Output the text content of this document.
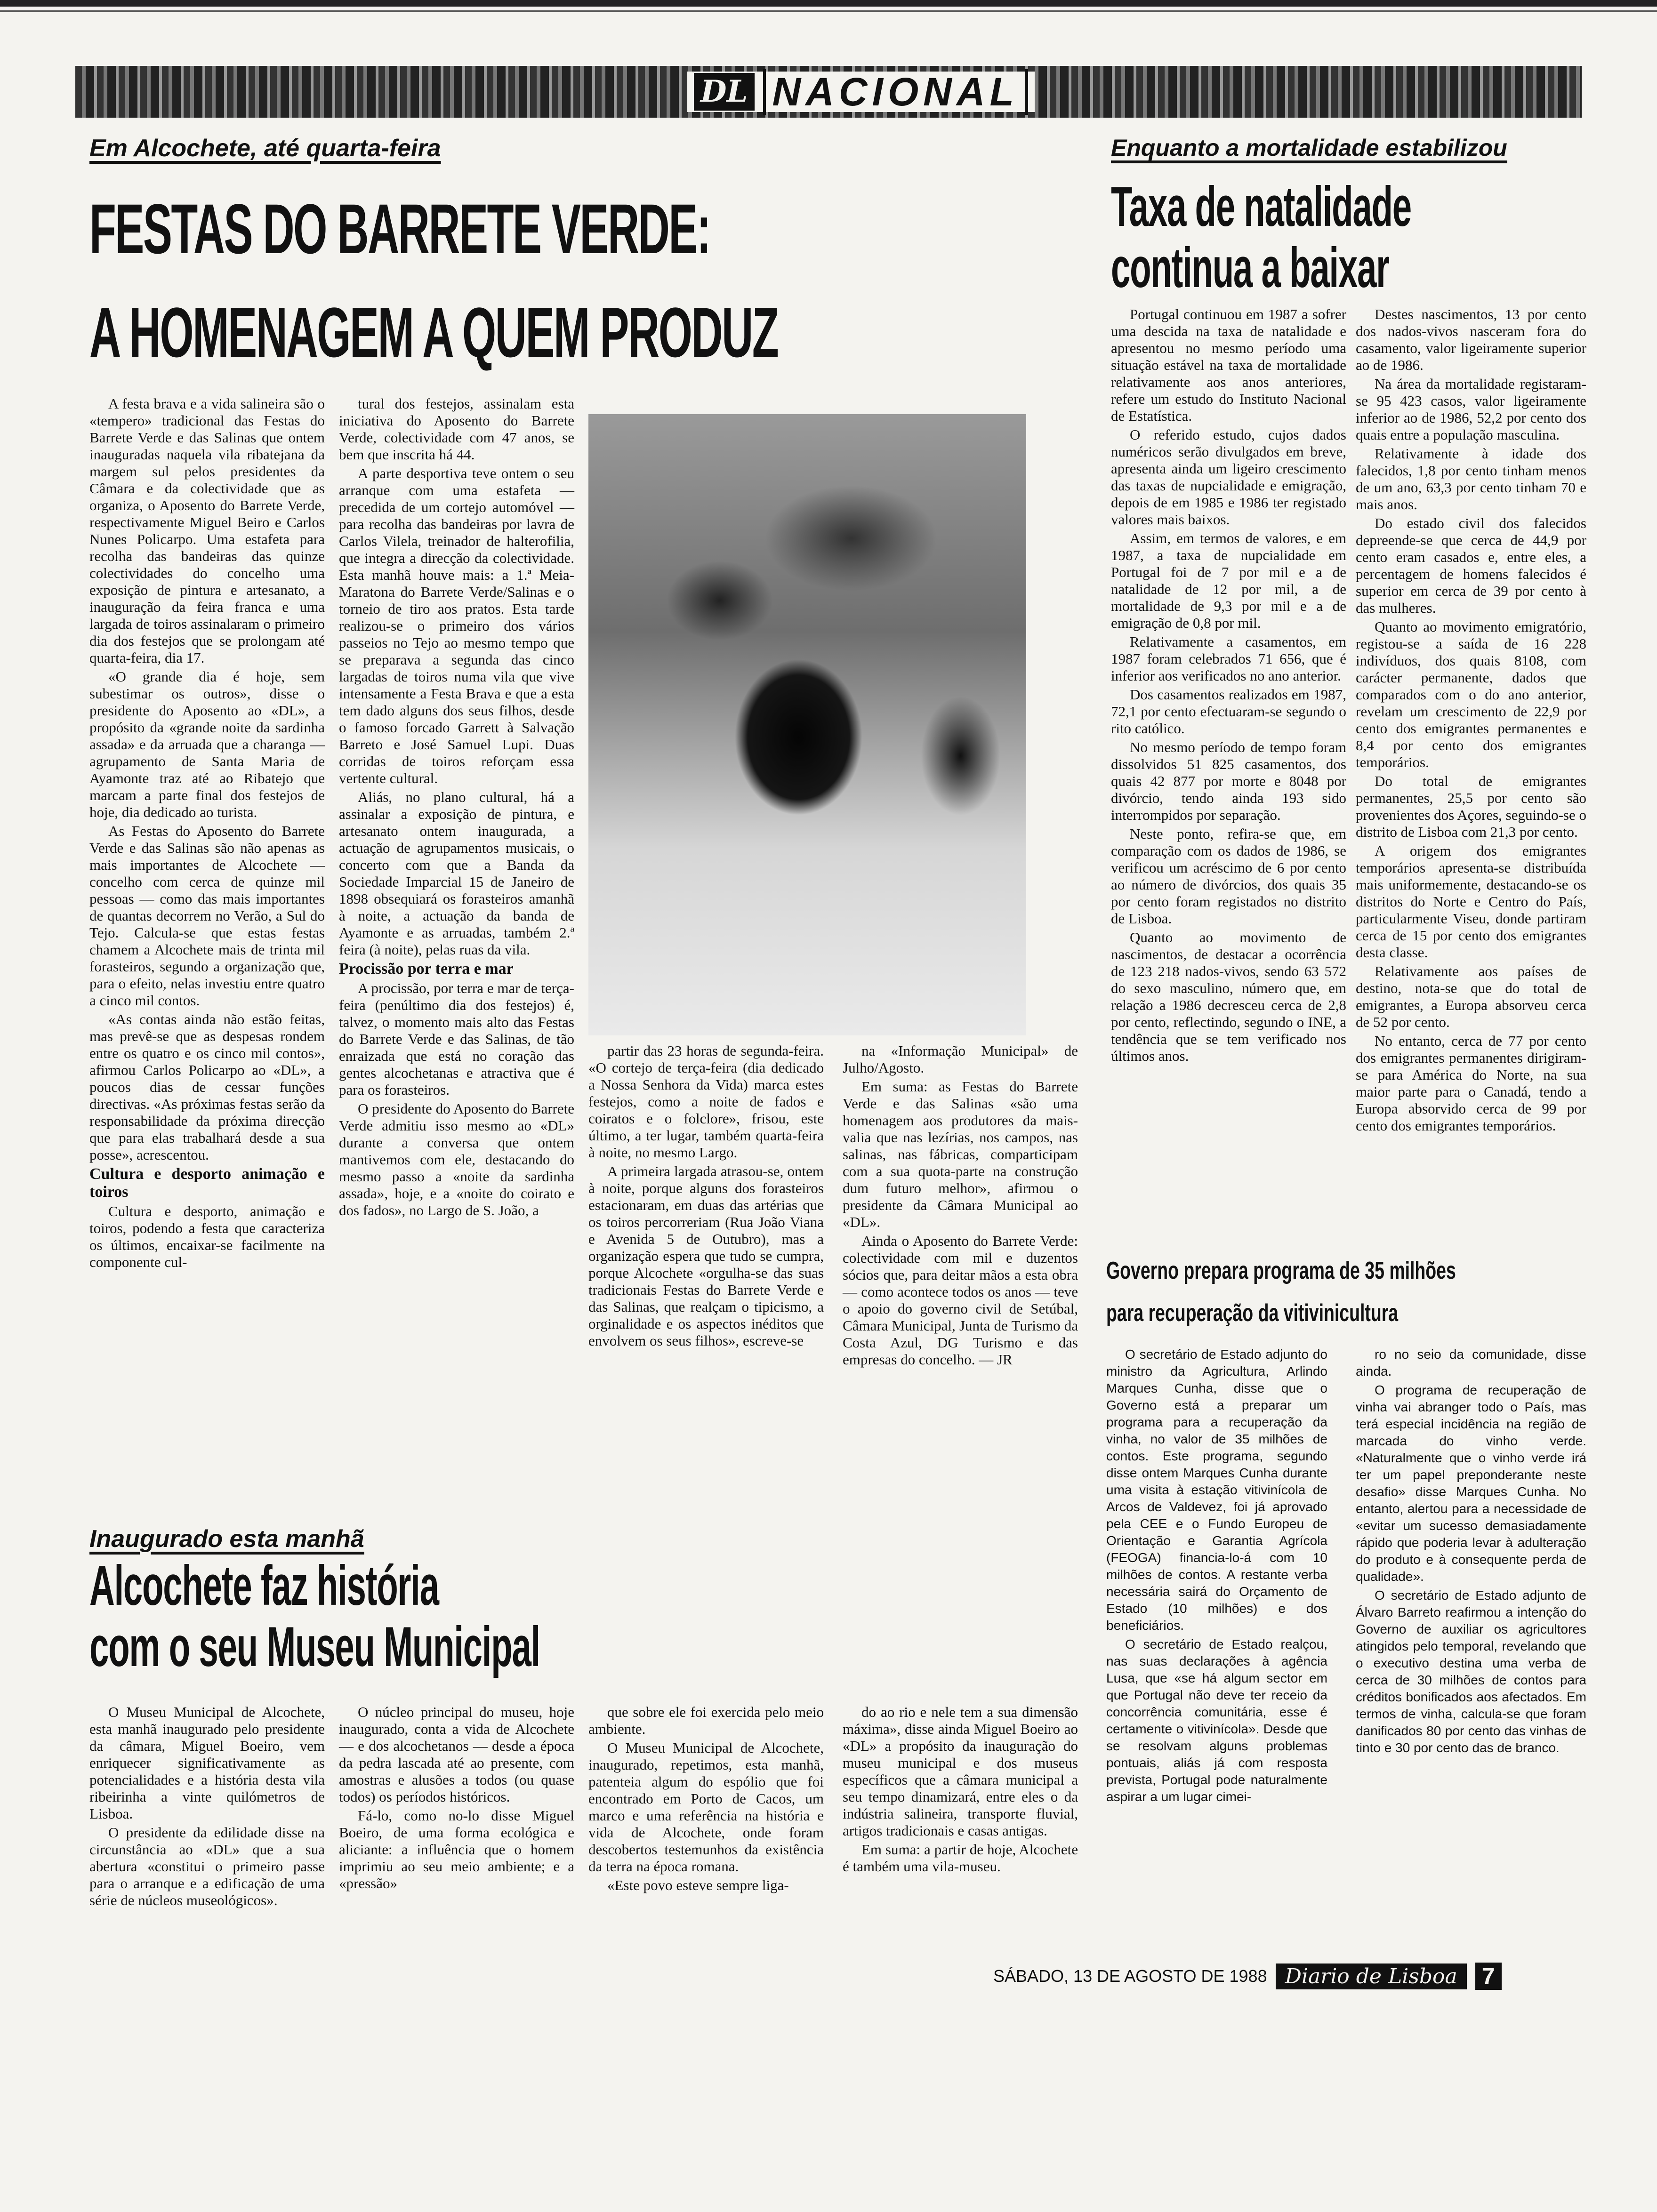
DL NACIONAL
Em Alcochete, até quarta-feira
FESTAS DO BARRETE VERDE:
A HOMENAGEM A QUEM PRODUZ

A festa brava e a vida salineira são o «tempero» tradicional das Festas do Barrete Verde e das Salinas que ontem inauguradas naquela vila ribatejana da margem sul pelos presidentes da Câmara e da colectividade que as organiza, o Aposento do Barrete Verde, respectivamente Miguel Beiro e Carlos Nunes Policarpo. Uma estafeta para recolha das bandeiras das quinze colectividades do concelho uma exposição de pintura e artesanato, a inauguração da feira franca e uma largada de toiros assinalaram o primeiro dia dos festejos que se prolongam até quarta-feira, dia 17.

«O grande dia é hoje, sem subestimar os outros», disse o presidente do Aposento ao «DL», a propósito da «grande noite da sardinha assada» e da arruada que a charanga — agrupamento de Santa Maria de Ayamonte traz até ao Ribatejo que marcam a parte final dos festejos de hoje, dia dedicado ao turista.

As Festas do Aposento do Barrete Verde e das Salinas são não apenas as mais importantes de Alcochete — concelho com cerca de quinze mil pessoas — como das mais importantes de quantas decorrem no Verão, a Sul do Tejo. Calcula-se que estas festas chamem a Alcochete mais de trinta mil forasteiros, segundo a organização que, para o efeito, nelas investiu entre quatro a cinco mil contos.

«As contas ainda não estão feitas, mas prevê-se que as despesas rondem entre os quatro e os cinco mil contos», afirmou Carlos Policarpo ao «DL», a poucos dias de cessar funções directivas. «As próximas festas serão da responsabilidade da próxima direcção que para elas trabalhará desde a sua posse», acrescentou.

Cultura e desporto animação e toiros

Cultura e desporto, animação e toiros, podendo a festa que caracteriza os últimos, encaixar-se facilmente na componente cul-

tural dos festejos, assinalam esta iniciativa do Aposento do Barrete Verde, colectividade com 47 anos, se bem que inscrita há 44.

A parte desportiva teve ontem o seu arranque com uma estafeta — precedida de um cortejo automóvel — para recolha das bandeiras por lavra de Carlos Vilela, treinador de halterofilia, que integra a direcção da colectividade. Esta manhã houve mais: a 1.ª Meia-Maratona do Barrete Verde/Salinas e o torneio de tiro aos pratos. Esta tarde realizou-se o primeiro dos vários passeios no Tejo ao mesmo tempo que se preparava a segunda das cinco largadas de toiros numa vila que vive intensamente a Festa Brava e que a esta tem dado alguns dos seus filhos, desde o famoso forcado Garrett à Salvação Barreto e José Samuel Lupi. Duas corridas de toiros reforçam essa vertente cultural.

Aliás, no plano cultural, há a assinalar a exposição de pintura, e artesanato ontem inaugurada, a actuação de agrupamentos musicais, o concerto com que a Banda da Sociedade Imparcial 15 de Janeiro de 1898 obsequiará os forasteiros amanhã à noite, a actuação da banda de Ayamonte e as arruadas, também 2.ª feira (à noite), pelas ruas da vila.

Procissão por terra e mar

A procissão, por terra e mar de terça-feira (penúltimo dia dos festejos) é, talvez, o momento mais alto das Festas do Barrete Verde e das Salinas, de tão enraizada que está no coração das gentes alcochetanas e atractiva que é para os forasteiros.

O presidente do Aposento do Barrete Verde admitiu isso mesmo ao «DL» durante a conversa que ontem mantivemos com ele, destacando do mesmo passo a «noite da sardinha assada», hoje, e a «noite do coirato e dos fados», no Largo de S. João, a

partir das 23 horas de segunda-feira. «O cortejo de terça-feira (dia dedicado a Nossa Senhora da Vida) marca estes festejos, como a noite de fados e coiratos e o folclore», frisou, este último, a ter lugar, também quarta-feira à noite, no mesmo Largo.

A primeira largada atrasou-se, ontem à noite, porque alguns dos forasteiros estacionaram, em duas das artérias que os toiros percorreriam (Rua João Viana e Avenida 5 de Outubro), mas a organização espera que tudo se cumpra, porque Alcochete «orgulha-se das suas tradicionais Festas do Barrete Verde e das Salinas, que realçam o tipicismo, a orginalidade e os aspectos inéditos que envolvem os seus filhos», escreve-se

na «Informação Municipal» de Julho/Agosto.

Em suma: as Festas do Barrete Verde e das Salinas «são uma homenagem aos produtores da mais-valia que nas lezírias, nos campos, nas salinas, nas fábricas, comparticipam com a sua quota-parte na construção dum futuro melhor», afirmou o presidente da Câmara Municipal ao «DL».

Ainda o Aposento do Barrete Verde: colectividade com mil e duzentos sócios que, para deitar mãos a esta obra — como acontece todos os anos — teve o apoio do governo civil de Setúbal, Câmara Municipal, Junta de Turismo da Costa Azul, DG Turismo e das empresas do concelho. — JR

Enquanto a mortalidade estabilizou
Taxa de natalidade
continua a baixar

Portugal continuou em 1987 a sofrer uma descida na taxa de natalidade e apresentou no mesmo período uma situação estável na taxa de mortalidade relativamente aos anos anteriores, refere um estudo do Instituto Nacional de Estatística.

O referido estudo, cujos dados numéricos serão divulgados em breve, apresenta ainda um ligeiro crescimento das taxas de nupcialidade e emigração, depois de em 1985 e 1986 ter registado valores mais baixos.

Assim, em termos de valores, e em 1987, a taxa de nupcialidade em Portugal foi de 7 por mil e a de natalidade de 12 por mil, a de mortalidade de 9,3 por mil e a de emigração de 0,8 por mil.

Relativamente a casamentos, em 1987 foram celebrados 71 656, que é inferior aos verificados no ano anterior.

Dos casamentos realizados em 1987, 72,1 por cento efectuaram-se segundo o rito católico.

No mesmo período de tempo foram dissolvidos 51 825 casamentos, dos quais 42 877 por morte e 8048 por divórcio, tendo ainda 193 sido interrompidos por separação.

Neste ponto, refira-se que, em comparação com os dados de 1986, se verificou um acréscimo de 6 por cento ao número de divórcios, dos quais 35 por cento foram registados no distrito de Lisboa.

Quanto ao movimento de nascimentos, de destacar a ocorrência de 123 218 nados-vivos, sendo 63 572 do sexo masculino, número que, em relação a 1986 decresceu cerca de 2,8 por cento, reflectindo, segundo o INE, a tendência que se tem verificado nos últimos anos.

Destes nascimentos, 13 por cento dos nados-vivos nasceram fora do casamento, valor ligeiramente superior ao de 1986.

Na área da mortalidade registaram-se 95 423 casos, valor ligeiramente inferior ao de 1986, 52,2 por cento dos quais entre a população masculina.

Relativamente à idade dos falecidos, 1,8 por cento tinham menos de um ano, 63,3 por cento tinham 70 e mais anos.

Do estado civil dos falecidos depreende-se que cerca de 44,9 por cento eram casados e, entre eles, a percentagem de homens falecidos é superior em cerca de 39 por cento à das mulheres.

Quanto ao movimento emigratório, registou-se a saída de 16 228 indivíduos, dos quais 8108, com carácter permanente, dados que comparados com o do ano anterior, revelam um crescimento de 22,9 por cento dos emigrantes permanentes e 8,4 por cento dos emigrantes temporários.

Do total de emigrantes permanentes, 25,5 por cento são provenientes dos Açores, seguindo-se o distrito de Lisboa com 21,3 por cento.

A origem dos emigrantes temporários apresenta-se distribuída mais uniformemente, destacando-se os distritos do Norte e Centro do País, particularmente Viseu, donde partiram cerca de 15 por cento dos emigrantes desta classe.

Relativamente aos países de destino, nota-se que do total de emigrantes, a Europa absorveu cerca de 52 por cento.

No entanto, cerca de 77 por cento dos emigrantes permanentes dirigiram-se para América do Norte, na sua maior parte para o Canadá, tendo a Europa absorvido cerca de 99 por cento dos emigrantes temporários.

Governo prepara programa de 35 milhões
para recuperação da vitivinicultura

O secretário de Estado adjunto do ministro da Agricultura, Arlindo Marques Cunha, disse que o Governo está a preparar um programa para a recuperação da vinha, no valor de 35 milhões de contos. Este programa, segundo disse ontem Marques Cunha durante uma visita à estação vitivinícola de Arcos de Valdevez, foi já aprovado pela CEE e o Fundo Europeu de Orientação e Garantia Agrícola (FEOGA) financia-lo-á com 10 milhões de contos. A restante verba necessária sairá do Orçamento de Estado (10 milhões) e dos beneficiários.

O secretário de Estado realçou, nas suas declarações à agência Lusa, que «se há algum sector em que Portugal não deve ter receio da concorrência comunitária, esse é certamente o vitivinícola». Desde que se resolvam alguns problemas pontuais, aliás já com resposta prevista, Portugal pode naturalmente aspirar a um lugar cimei-

ro no seio da comunidade, disse ainda.

O programa de recuperação de vinha vai abranger todo o País, mas terá especial incidência na região de marcada do vinho verde. «Naturalmente que o vinho verde irá ter um papel preponderante neste desafio» disse Marques Cunha. No entanto, alertou para a necessidade de «evitar um sucesso demasiadamente rápido que poderia levar à adulteração do produto e à consequente perda de qualidade».

O secretário de Estado adjunto de Álvaro Barreto reafirmou a intenção do Governo de auxiliar os agricultores atingidos pelo temporal, revelando que o executivo destina uma verba de cerca de 30 milhões de contos para créditos bonificados aos afectados. Em termos de vinha, calcula-se que foram danificados 80 por cento das vinhas de tinto e 30 por cento das de branco.

Inaugurado esta manhã
Alcochete faz história
com o seu Museu Municipal

O Museu Municipal de Alcochete, esta manhã inaugurado pelo presidente da câmara, Miguel Boeiro, vem enriquecer significativamente as potencialidades e a história desta vila ribeirinha a vinte quilómetros de Lisboa.

O presidente da edilidade disse na circunstância ao «DL» que a sua abertura «constitui o primeiro passe para o arranque e a edificação de uma série de núcleos museológicos».

O núcleo principal do museu, hoje inaugurado, conta a vida de Alcochete — e dos alcochetanos — desde a época da pedra lascada até ao presente, com amostras e alusões a todos (ou quase todos) os períodos históricos.

Fá-lo, como no-lo disse Miguel Boeiro, de uma forma ecológica e aliciante: a influência que o homem imprimiu ao seu meio ambiente; e a «pressão»

que sobre ele foi exercida pelo meio ambiente.

O Museu Municipal de Alcochete, inaugurado, repetimos, esta manhã, patenteia algum do espólio que foi encontrado em Porto de Cacos, um marco e uma referência na história e vida de Alcochete, onde foram descobertos testemunhos da existência da terra na época romana.

«Este povo esteve sempre liga-

do ao rio e nele tem a sua dimensão máxima», disse ainda Miguel Boeiro ao «DL» a propósito da inauguração do museu municipal e dos museus específicos que a câmara municipal a seu tempo dinamizará, entre eles o da indústria salineira, transporte fluvial, artigos tradicionais e casas antigas.

Em suma: a partir de hoje, Alcochete é também uma vila-museu.

SÁBADO, 13 DE AGOSTO DE 1988 Diario de Lisboa	7
